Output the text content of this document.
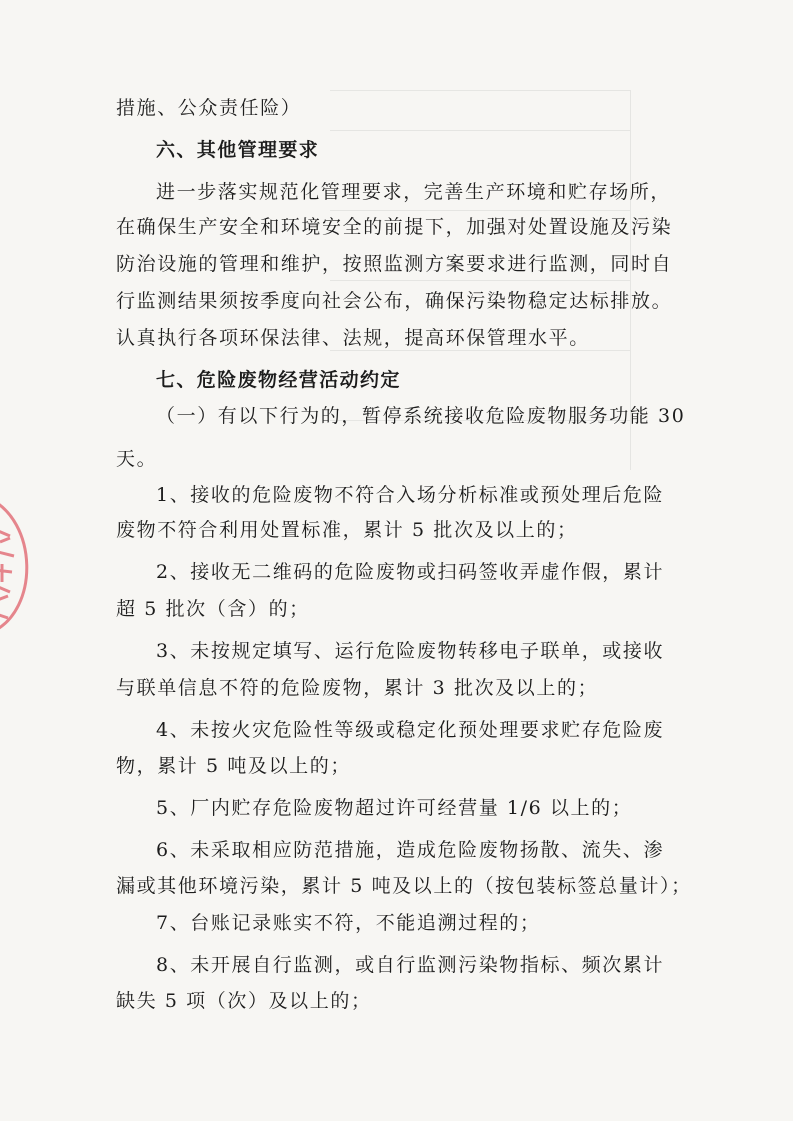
措施、公众责任险）
六、其他管理要求
进一步落实规范化管理要求，完善生产环境和贮存场所，
在确保生产安全和环境安全的前提下，加强对处置设施及污染
防治设施的管理和维护，按照监测方案要求进行监测，同时自
行监测结果须按季度向社会公布，确保污染物稳定达标排放。
认真执行各项环保法律、法规，提高环保管理水平。
七、危险废物经营活动约定
（一）有以下行为的，暂停系统接收危险废物服务功能 30
天。
1、接收的危险废物不符合入场分析标准或预处理后危险
废物不符合利用处置标准，累计 5 批次及以上的；
2、接收无二维码的危险废物或扫码签收弄虚作假，累计
超 5 批次（含）的；
3、未按规定填写、运行危险废物转移电子联单，或接收
与联单信息不符的危险废物，累计 3 批次及以上的；
4、未按火灾危险性等级或稳定化预处理要求贮存危险废
物，累计 5 吨及以上的；
5、厂内贮存危险废物超过许可经营量 1/6 以上的；
6、未采取相应防范措施，造成危险废物扬散、流失、渗
漏或其他环境污染，累计 5 吨及以上的（按包装标签总量计）；
7、台账记录账实不符，不能追溯过程的；
8、未开展自行监测，或自行监测污染物指标、频次累计
缺失 5 项（次）及以上的；
